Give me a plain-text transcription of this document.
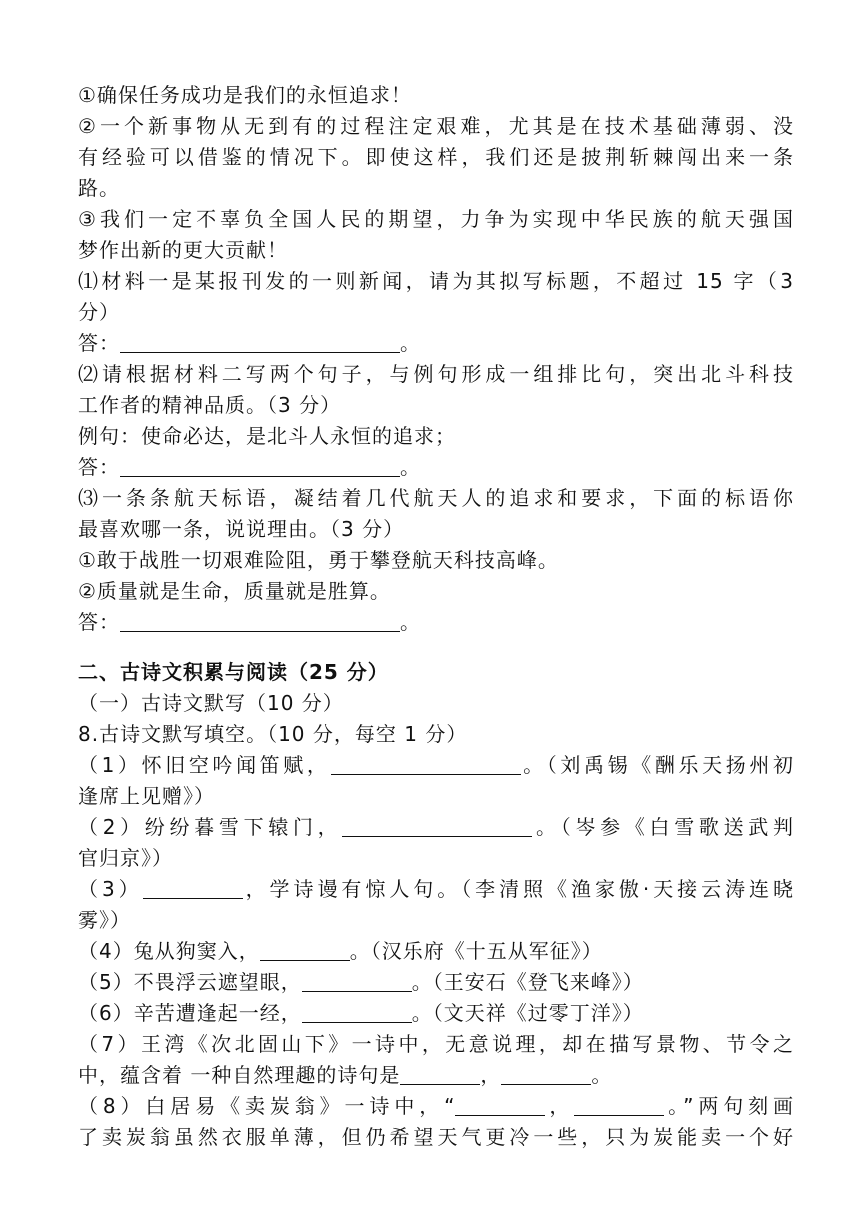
①确保任务成功是我们的永恒追求！
②一个新事物从无到有的过程注定艰难，尤其是在技术基础薄弱、没
有经验可以借鉴的情况下。即使这样，我们还是披荆斩棘闯出来一条
路。
③我们一定不辜负全国人民的期望，力争为实现中华民族的航天强国
梦作出新的更大贡献！
⑴材料一是某报刊发的一则新闻，请为其拟写标题，不超过 15 字（3
分）
答：	。
⑵请根据材料二写两个句子，与例句形成一组排比句，突出北斗科技
工作者的精神品质。（3 分）
例句：使命必达，是北斗人永恒的追求；
答：	。
⑶一条条航天标语，凝结着几代航天人的追求和要求，下面的标语你
最喜欢哪一条，说说理由。（3 分）
①敢于战胜一切艰难险阻，勇于攀登航天科技高峰。
②质量就是生命，质量就是胜算。
答：	。
二、古诗文积累与阅读（25 分）
（一）古诗文默写（10 分）
8.古诗文默写填空。（10 分，每空 1 分）
（1）怀旧空吟闻笛赋，	。（刘禹锡《酬乐天扬州初
逢席上见赠》）
（2）纷纷暮雪下辕门，	。（岑参《白雪歌送武判
官归京》）
（3）	，学诗谩有惊人句。（李清照《渔家傲·天接云涛连晓
雾》）
（4）兔从狗窦入，	。（汉乐府《十五从军征》）
（5）不畏浮云遮望眼，	。（王安石《登飞来峰》）
（6）辛苦遭逢起一经，	。（文天祥《过零丁洋》）
（7）王湾《次北固山下》一诗中，无意说理，却在描写景物、节令之
中，蕴含着 一种自然理趣的诗句是	，	。
（8）白居易《卖炭翁》一诗中，“	，	。”两句刻画
了卖炭翁虽然衣服单薄，但仍希望天气更冷一些，只为炭能卖一个好
